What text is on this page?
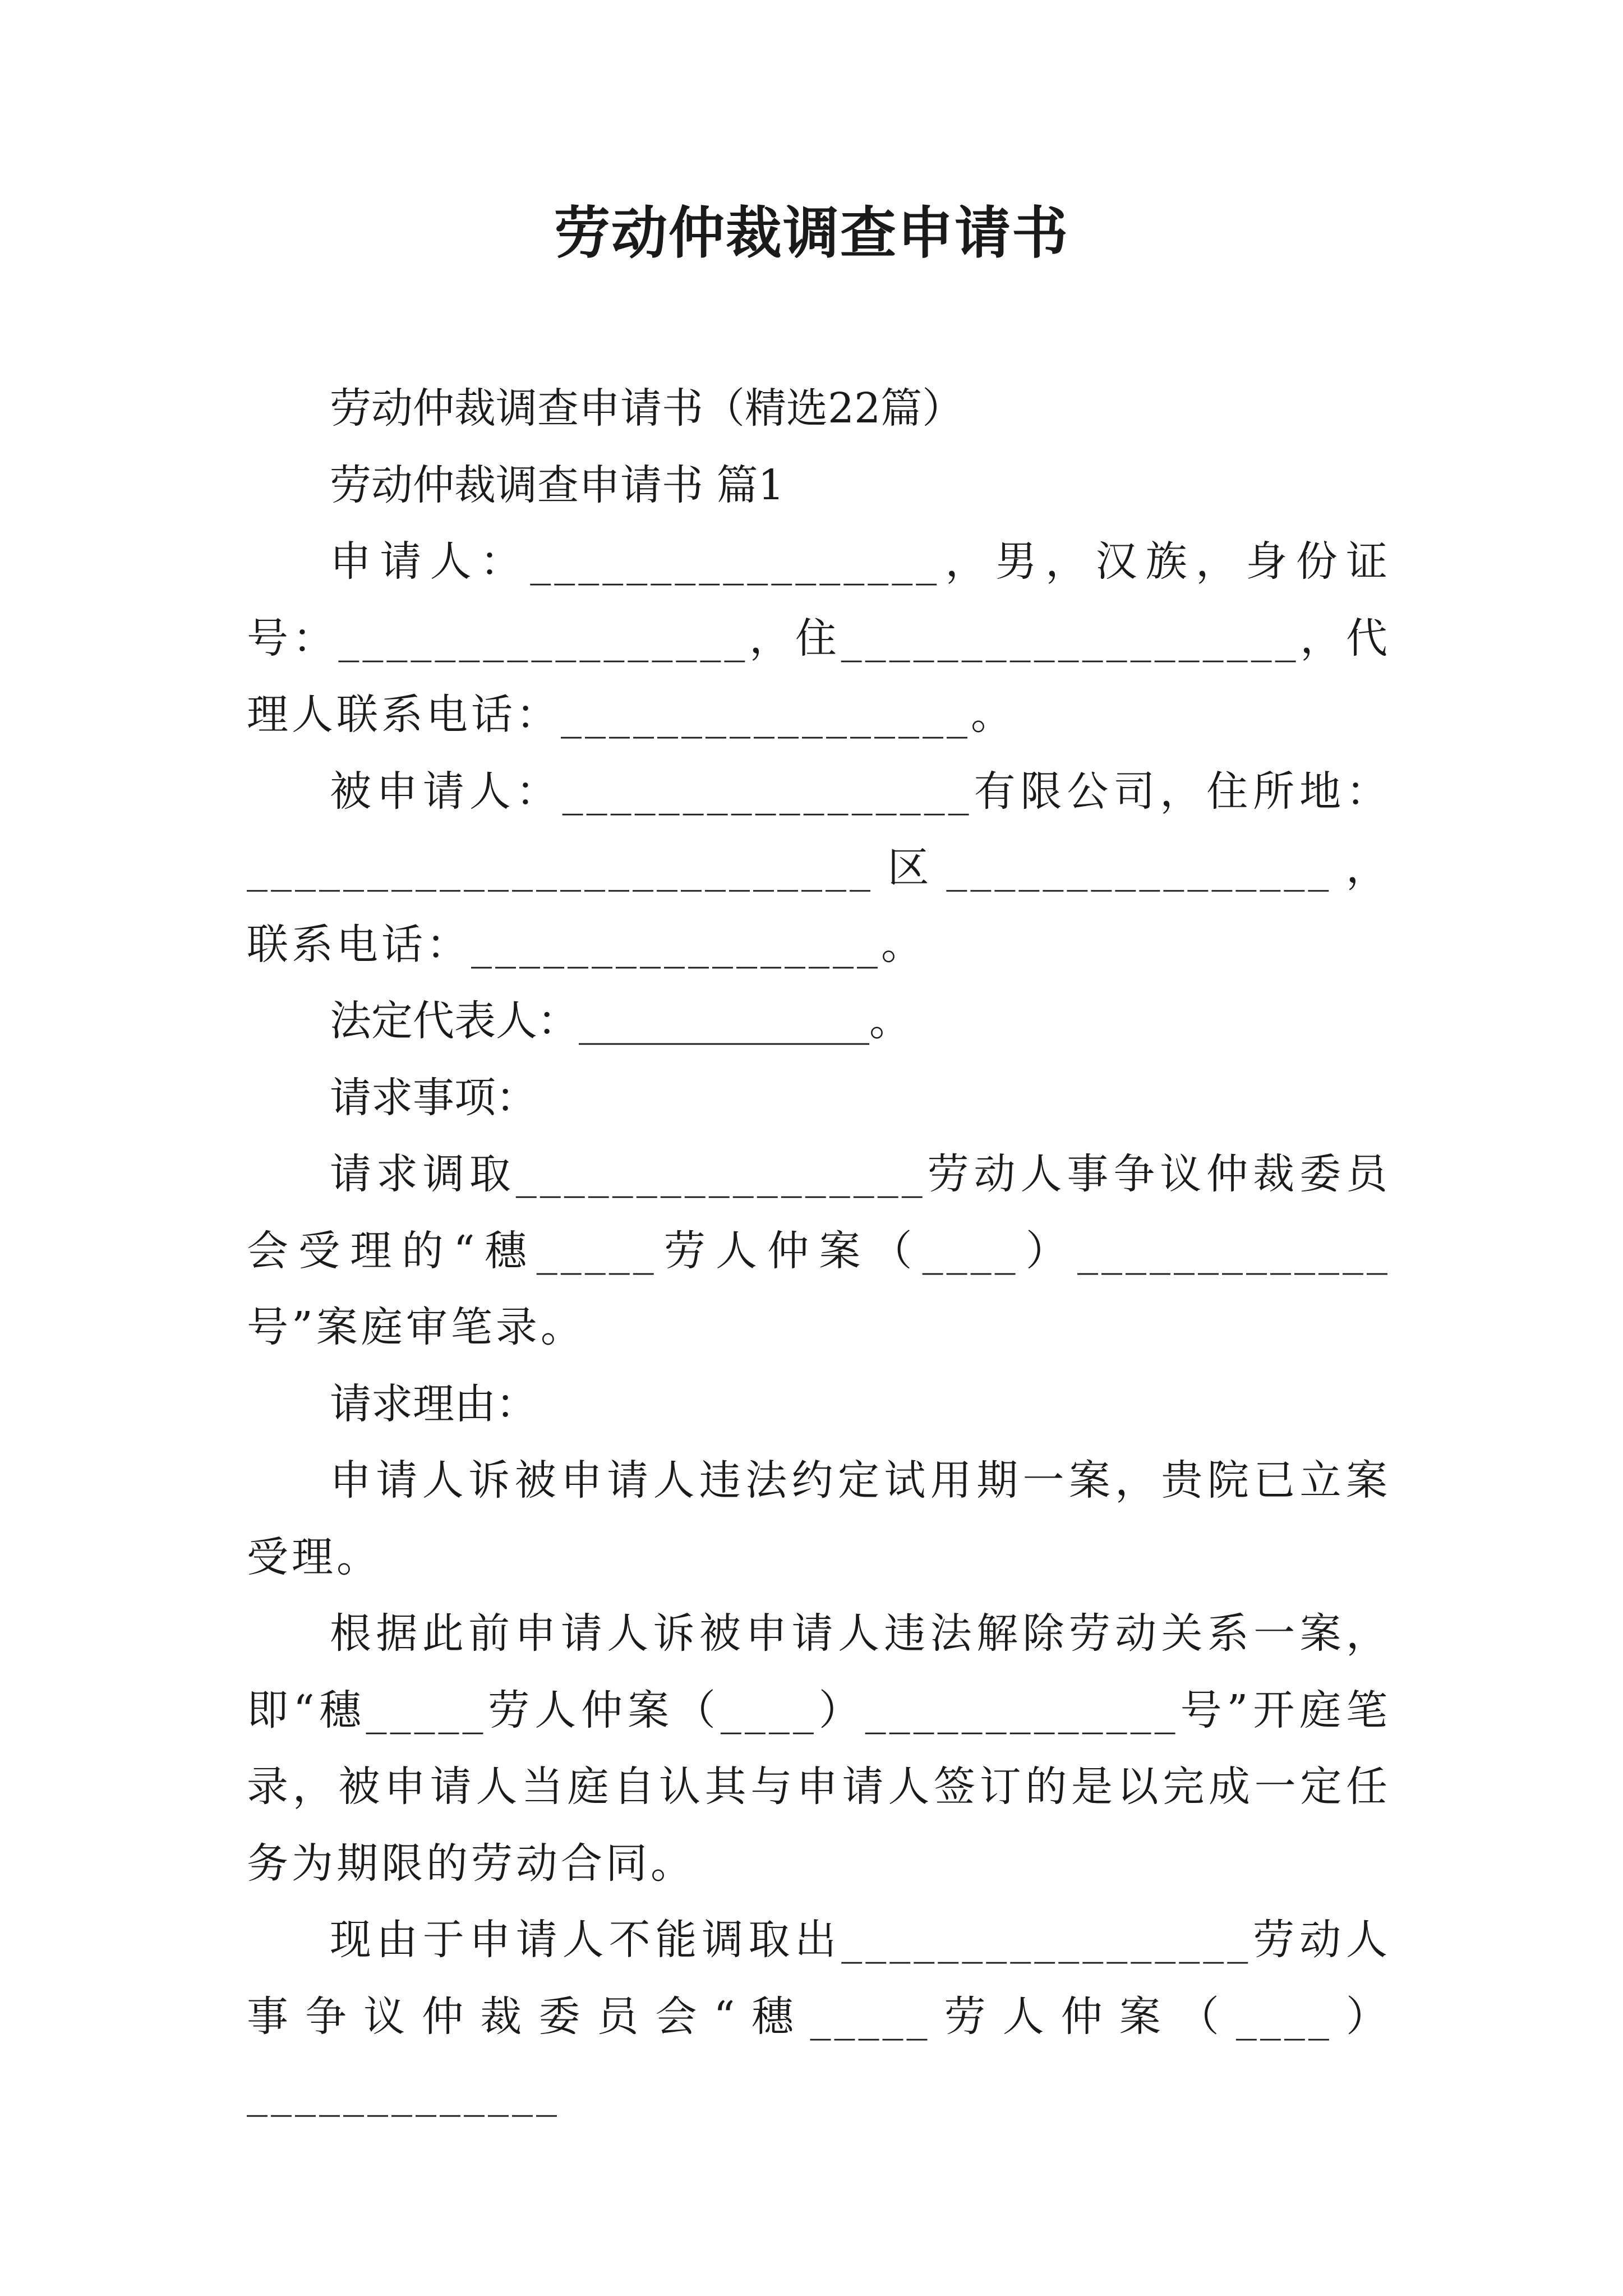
劳动仲裁调查申请书

劳动仲裁调查申请书（精选22篇）

劳动仲裁调查申请书 篇1

申请人：_________________，男，汉族，身份证号：_________________，住___________________，代理人联系电话：_________________。

被申请人：_________________有限公司，住所地：__________________________区________________，联系电话：_________________。

法定代表人：______________。

请求事项：

请求调取_________________劳动人事争议仲裁委员会受理的“穗_____劳人仲案（____）_____________号”案庭审笔录。

请求理由：

申请人诉被申请人违法约定试用期一案，贵院已立案受理。

根据此前申请人诉被申请人违法解除劳动关系一案，即“穗_____劳人仲案（____）_____________号”开庭笔录，被申请人当庭自认其与申请人签订的是以完成一定任务为期限的劳动合同。

现由于申请人不能调取出_________________劳动人事争议仲裁委员会“穗_____劳人仲案（____）_____________
